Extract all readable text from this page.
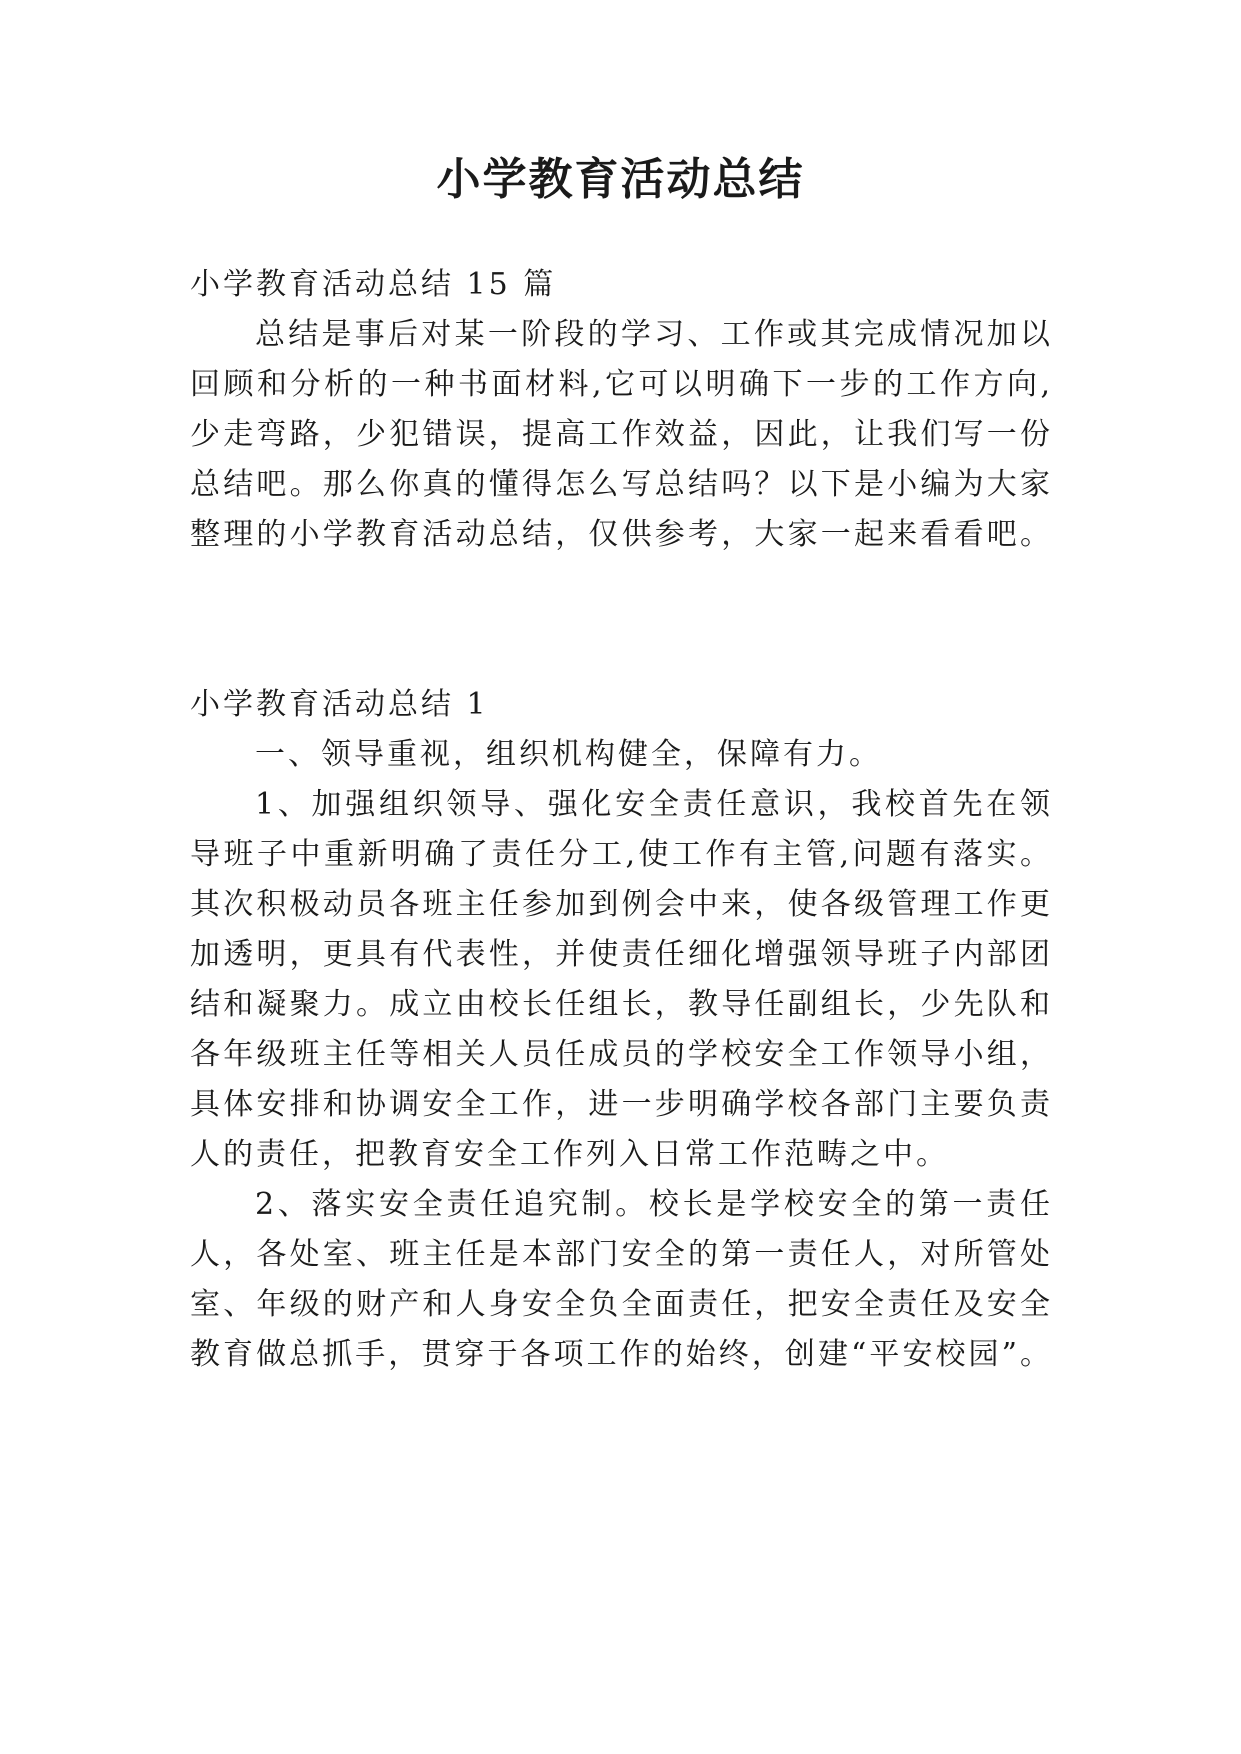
小学教育活动总结
小学教育活动总结 15 篇
总结是事后对某一阶段的学习、工作或其完成情况加以
回顾和分析的一种书面材料,它可以明确下一步的工作方向,
少走弯路，少犯错误，提高工作效益，因此，让我们写一份
总结吧。那么你真的懂得怎么写总结吗？以下是小编为大家
整理的小学教育活动总结，仅供参考，大家一起来看看吧。
小学教育活动总结 1
一、领导重视，组织机构健全，保障有力。
1、加强组织领导、强化安全责任意识，我校首先在领
导班子中重新明确了责任分工,使工作有主管,问题有落实。
其次积极动员各班主任参加到例会中来，使各级管理工作更
加透明，更具有代表性，并使责任细化增强领导班子内部团
结和凝聚力。成立由校长任组长，教导任副组长，少先队和
各年级班主任等相关人员任成员的学校安全工作领导小组，
具体安排和协调安全工作，进一步明确学校各部门主要负责
人的责任，把教育安全工作列入日常工作范畴之中。
2、落实安全责任追究制。校长是学校安全的第一责任
人，各处室、班主任是本部门安全的第一责任人，对所管处
室、年级的财产和人身安全负全面责任，把安全责任及安全
教育做总抓手，贯穿于各项工作的始终，创建“平安校园”。
